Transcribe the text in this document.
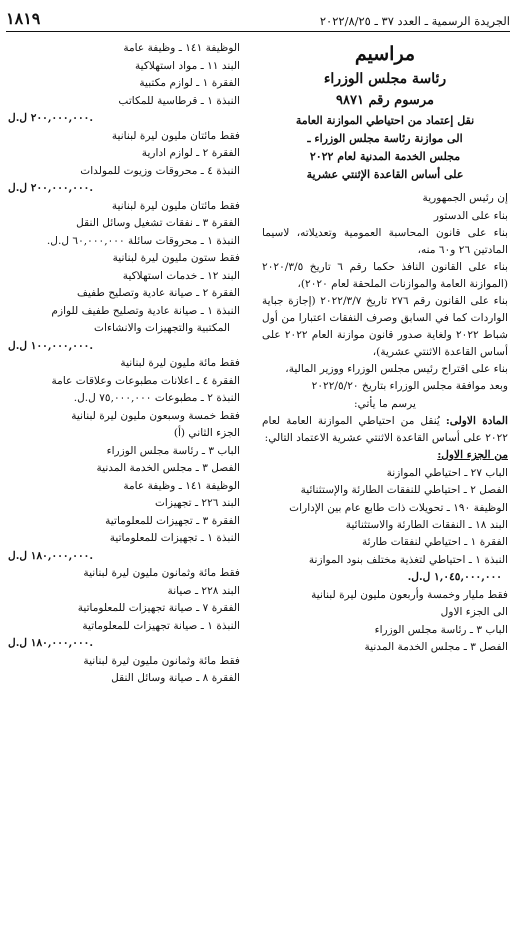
الجريدة الرسمية ـ العدد ٣٧ ـ ٢٠٢٢/٨/٢٥
١٨١٩
مراسيم
رئاسة مجلس الوزراء
مرسوم رقم ٩٨٧١
نقل إعتماد من احتياطي الموازنة العامة
الى موازنة رئاسة مجلس الوزراء ـ
مجلس الخدمة المدنية لعام ٢٠٢٢
على أساس القاعدة الإثنتي عشرية
إن رئيس الجمهورية
بناء على الدستور
بناء على قانون المحاسبة العمومية وتعديلاته، لاسيما المادتين ٢٦ و٦٠ منه،
بناء على القانون النافذ حكما رقم ٦ تاريخ ٢٠٢٠/٣/٥ (الموازنة العامة والموازنات الملحقة لعام ٢٠٢٠)،
بناء على القانون رقم ٢٧٦ تاريخ ٢٠٢٢/٣/٧ (إجازة جباية الواردات كما في السابق وصرف النفقات اعتبارا من أول شباط ٢٠٢٢ ولغاية صدور قانون موازنة العام ٢٠٢٢ على أساس القاعدة الاثنتي عشرية)،
بناء على اقتراح رئيس مجلس الوزراء ووزير المالية،
وبعد موافقة مجلس الوزراء بتاريخ ٢٠٢٢/٥/٢٠
يرسم ما يأتي:
المادة الاولى: يُنقل من احتياطي الموازنة العامة لعام ٢٠٢٢ على أساس القاعدة الاثنتي عشرية الاعتماد التالي:
من الجزء الاول:
الباب ٢٧ ـ احتياطي الموازنة
الفصل ٢ ـ احتياطي للنفقات الطارئة والإستثنائية
الوظيفة ١٩٠ ـ تحويلات ذات طابع عام بين الإدارات
البند ١٨ ـ النفقات الطارئة والاستثنائية
الفقرة ١ ـ احتياطي لنفقات طارئة
النبذة ١ ـ احتياطي لتغذية مختلف بنود الموازنة
١,٠٤٥,٠٠٠,٠٠٠ ل.ل.
فقط مليار وخمسة وأربعون مليون ليرة لبنانية
الى الجزء الاول
الباب ٣ ـ رئاسة مجلس الوزراء
الفصل ٣ ـ مجلس الخدمة المدنية
الوظيفة ١٤١ ـ وظيفة عامة
البند ١١ ـ مواد استهلاكية
الفقرة ١ ـ لوازم مكتبية
النبذة ١ ـ قرطاسية للمكاتب
٢٠٠,٠٠٠,٠٠٠ ل.ل.
فقط مائتان مليون ليرة لبنانية
الفقرة ٢ ـ لوازم ادارية
النبذة ٤ ـ محروقات وزيوت للمولدات
٢٠٠,٠٠٠,٠٠٠ ل.ل.
فقط مائتان مليون ليرة لبنانية
الفقرة ٣ ـ نفقات تشغيل وسائل النقل
النبذة ١ ـ محروقات سائلة ٦٠,٠٠٠,٠٠٠ ل.ل.
فقط ستون مليون ليرة لبنانية
البند ١٢ ـ خدمات استهلاكية
الفقرة ٢ ـ صيانة عادية وتصليح طفيف
النبذة ١ ـ صيانة عادية وتصليح طفيف للوازم
المكتبية والتجهيزات والانشاءات
١٠٠,٠٠٠,٠٠٠ ل.ل.
فقط مائة مليون ليرة لبنانية
الفقرة ٤ ـ اعلانات مطبوعات وعلاقات عامة
النبذة ٢ ـ مطبوعات ٧٥,٠٠٠,٠٠٠ ل.ل.
فقط خمسة وسبعون مليون ليرة لبنانية
الجزء الثاني (أ)
الباب ٣ ـ رئاسة مجلس الوزراء
الفصل ٣ ـ مجلس الخدمة المدنية
الوظيفة ١٤١ ـ وظيفة عامة
البند ٢٢٦ ـ تجهيزات
الفقرة ٣ ـ تجهيزات للمعلوماتية
النبذة ١ ـ تجهيزات للمعلوماتية
١٨٠,٠٠٠,٠٠٠ ل.ل.
فقط مائة وثمانون مليون ليرة لبنانية
البند ٢٢٨ ـ صيانة
الفقرة ٧ ـ صيانة تجهيزات للمعلوماتية
النبذة ١ ـ صيانة تجهيزات للمعلوماتية
١٨٠,٠٠٠,٠٠٠ ل.ل.
فقط مائة وثمانون مليون ليرة لبنانية
الفقرة ٨ ـ صيانة وسائل النقل
